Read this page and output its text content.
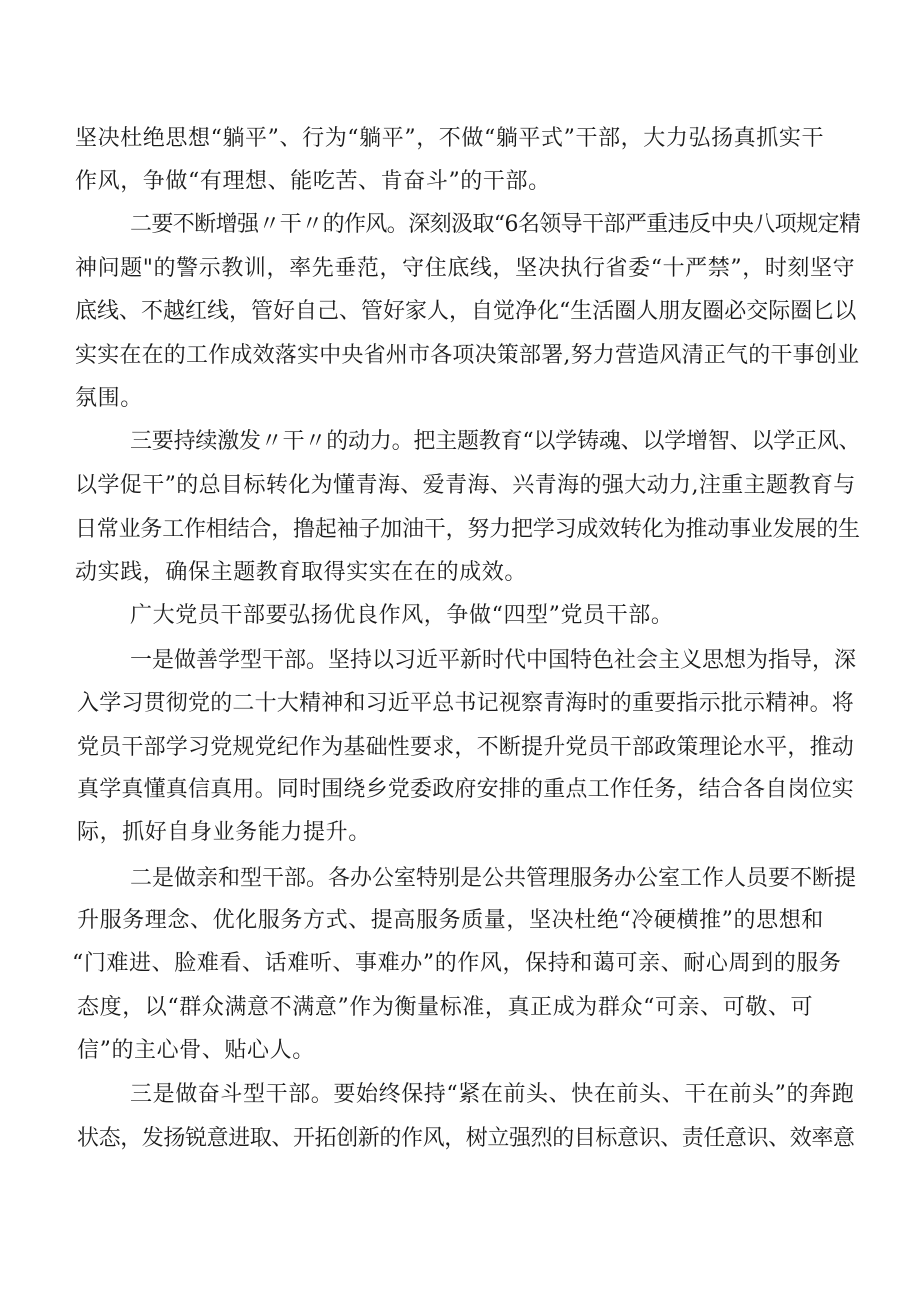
坚决杜绝思想“躺平”、行为“躺平”，不做“躺平式”干部，大力弘扬真抓实干
作风，争做“有理想、能吃苦、肯奋斗”的干部。
二要不断增强〃干〃的作风。深刻汲取“6名领导干部严重违反中央八项规定精
神问题"的警示教训，率先垂范，守住底线，坚决执行省委“十严禁”，时刻坚守
底线、不越红线，管好自己、管好家人，自觉净化“生活圈人朋友圈必交际圈匕以
实实在在的工作成效落实中央省州市各项决策部署,努力营造风清正气的干事创业
氛围。
三要持续激发〃干〃的动力。把主题教育“以学铸魂、以学增智、以学正风、
以学促干”的总目标转化为懂青海、爱青海、兴青海的强大动力,注重主题教育与
日常业务工作相结合，撸起袖子加油干，努力把学习成效转化为推动事业发展的生
动实践，确保主题教育取得实实在在的成效。
广大党员干部要弘扬优良作风，争做“四型”党员干部。
一是做善学型干部。坚持以习近平新时代中国特色社会主义思想为指导，深
入学习贯彻党的二十大精神和习近平总书记视察青海时的重要指示批示精神。将
党员干部学习党规党纪作为基础性要求，不断提升党员干部政策理论水平，推动
真学真懂真信真用。同时围绕乡党委政府安排的重点工作任务，结合各自岗位实
际，抓好自身业务能力提升。
二是做亲和型干部。各办公室特别是公共管理服务办公室工作人员要不断提
升服务理念、优化服务方式、提高服务质量，坚决杜绝“冷硬横推”的思想和
“门难进、脸难看、话难听、事难办”的作风，保持和蔼可亲、耐心周到的服务
态度，以“群众满意不满意”作为衡量标准，真正成为群众“可亲、可敬、可
信”的主心骨、贴心人。
三是做奋斗型干部。要始终保持“紧在前头、快在前头、干在前头”的奔跑
状态，发扬锐意进取、开拓创新的作风，树立强烈的目标意识、责任意识、效率意
